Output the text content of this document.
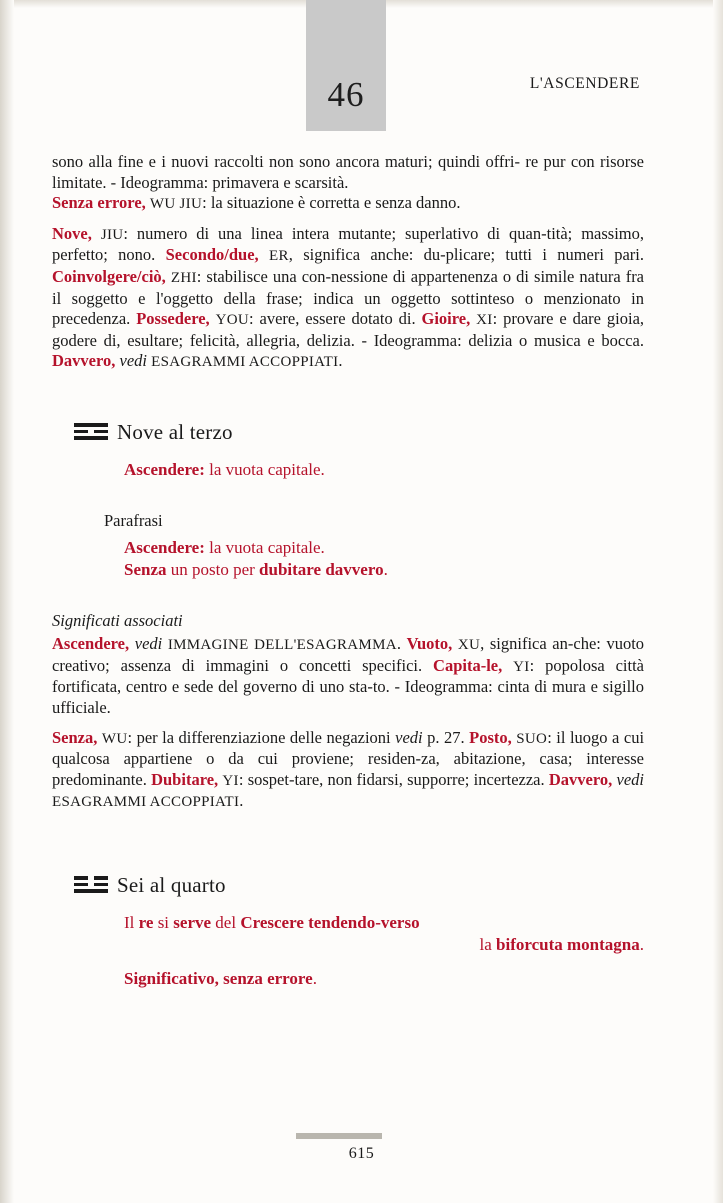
46	L'ASCENDERE

sono alla fine e i nuovi raccolti non sono ancora maturi; quindi offri- re pur con risorse limitate. - Ideogramma: primavera e scarsità.
Senza errore, WU JIU: la situazione è corretta e senza danno.

Nove, JIU: numero di una linea intera mutante; superlativo di quan-tità; massimo, perfetto; nono. Secondo/due, ER, significa anche: du-plicare; tutti i numeri pari. Coinvolgere/ciò, ZHI: stabilisce una con-nessione di appartenenza o di simile natura fra il soggetto e l'oggetto della frase; indica un oggetto sottinteso o menzionato in precedenza. Possedere, YOU: avere, essere dotato di. Gioire, XI: provare e dare gioia, godere di, esultare; felicità, allegria, delizia. - Ideogramma: delizia o musica e bocca. Davvero, vedi ESAGRAMMI ACCOPPIATI.

Nove al terzo

Ascendere: la vuota capitale.

Parafrasi

Ascendere: la vuota capitale.

Senza un posto per dubitare davvero.

Significati associati

Ascendere, vedi IMMAGINE DELL'ESAGRAMMA. Vuoto, XU, significa an-che: vuoto creativo; assenza di immagini o concetti specifici. Capita-le, YI: popolosa città fortificata, centro e sede del governo di uno sta-to. - Ideogramma: cinta di mura e sigillo ufficiale.

Senza, WU: per la differenziazione delle negazioni vedi p. 27. Posto, SUO: il luogo a cui qualcosa appartiene o da cui proviene; residen-za, abitazione, casa; interesse predominante. Dubitare, YI: sospet-tare, non fidarsi, supporre; incertezza. Davvero, vedi ESAGRAMMI ACCOPPIATI.

Sei al quarto

Il re si serve del Crescere tendendo-verso

la biforcuta montagna.

Significativo, senza errore.

615
